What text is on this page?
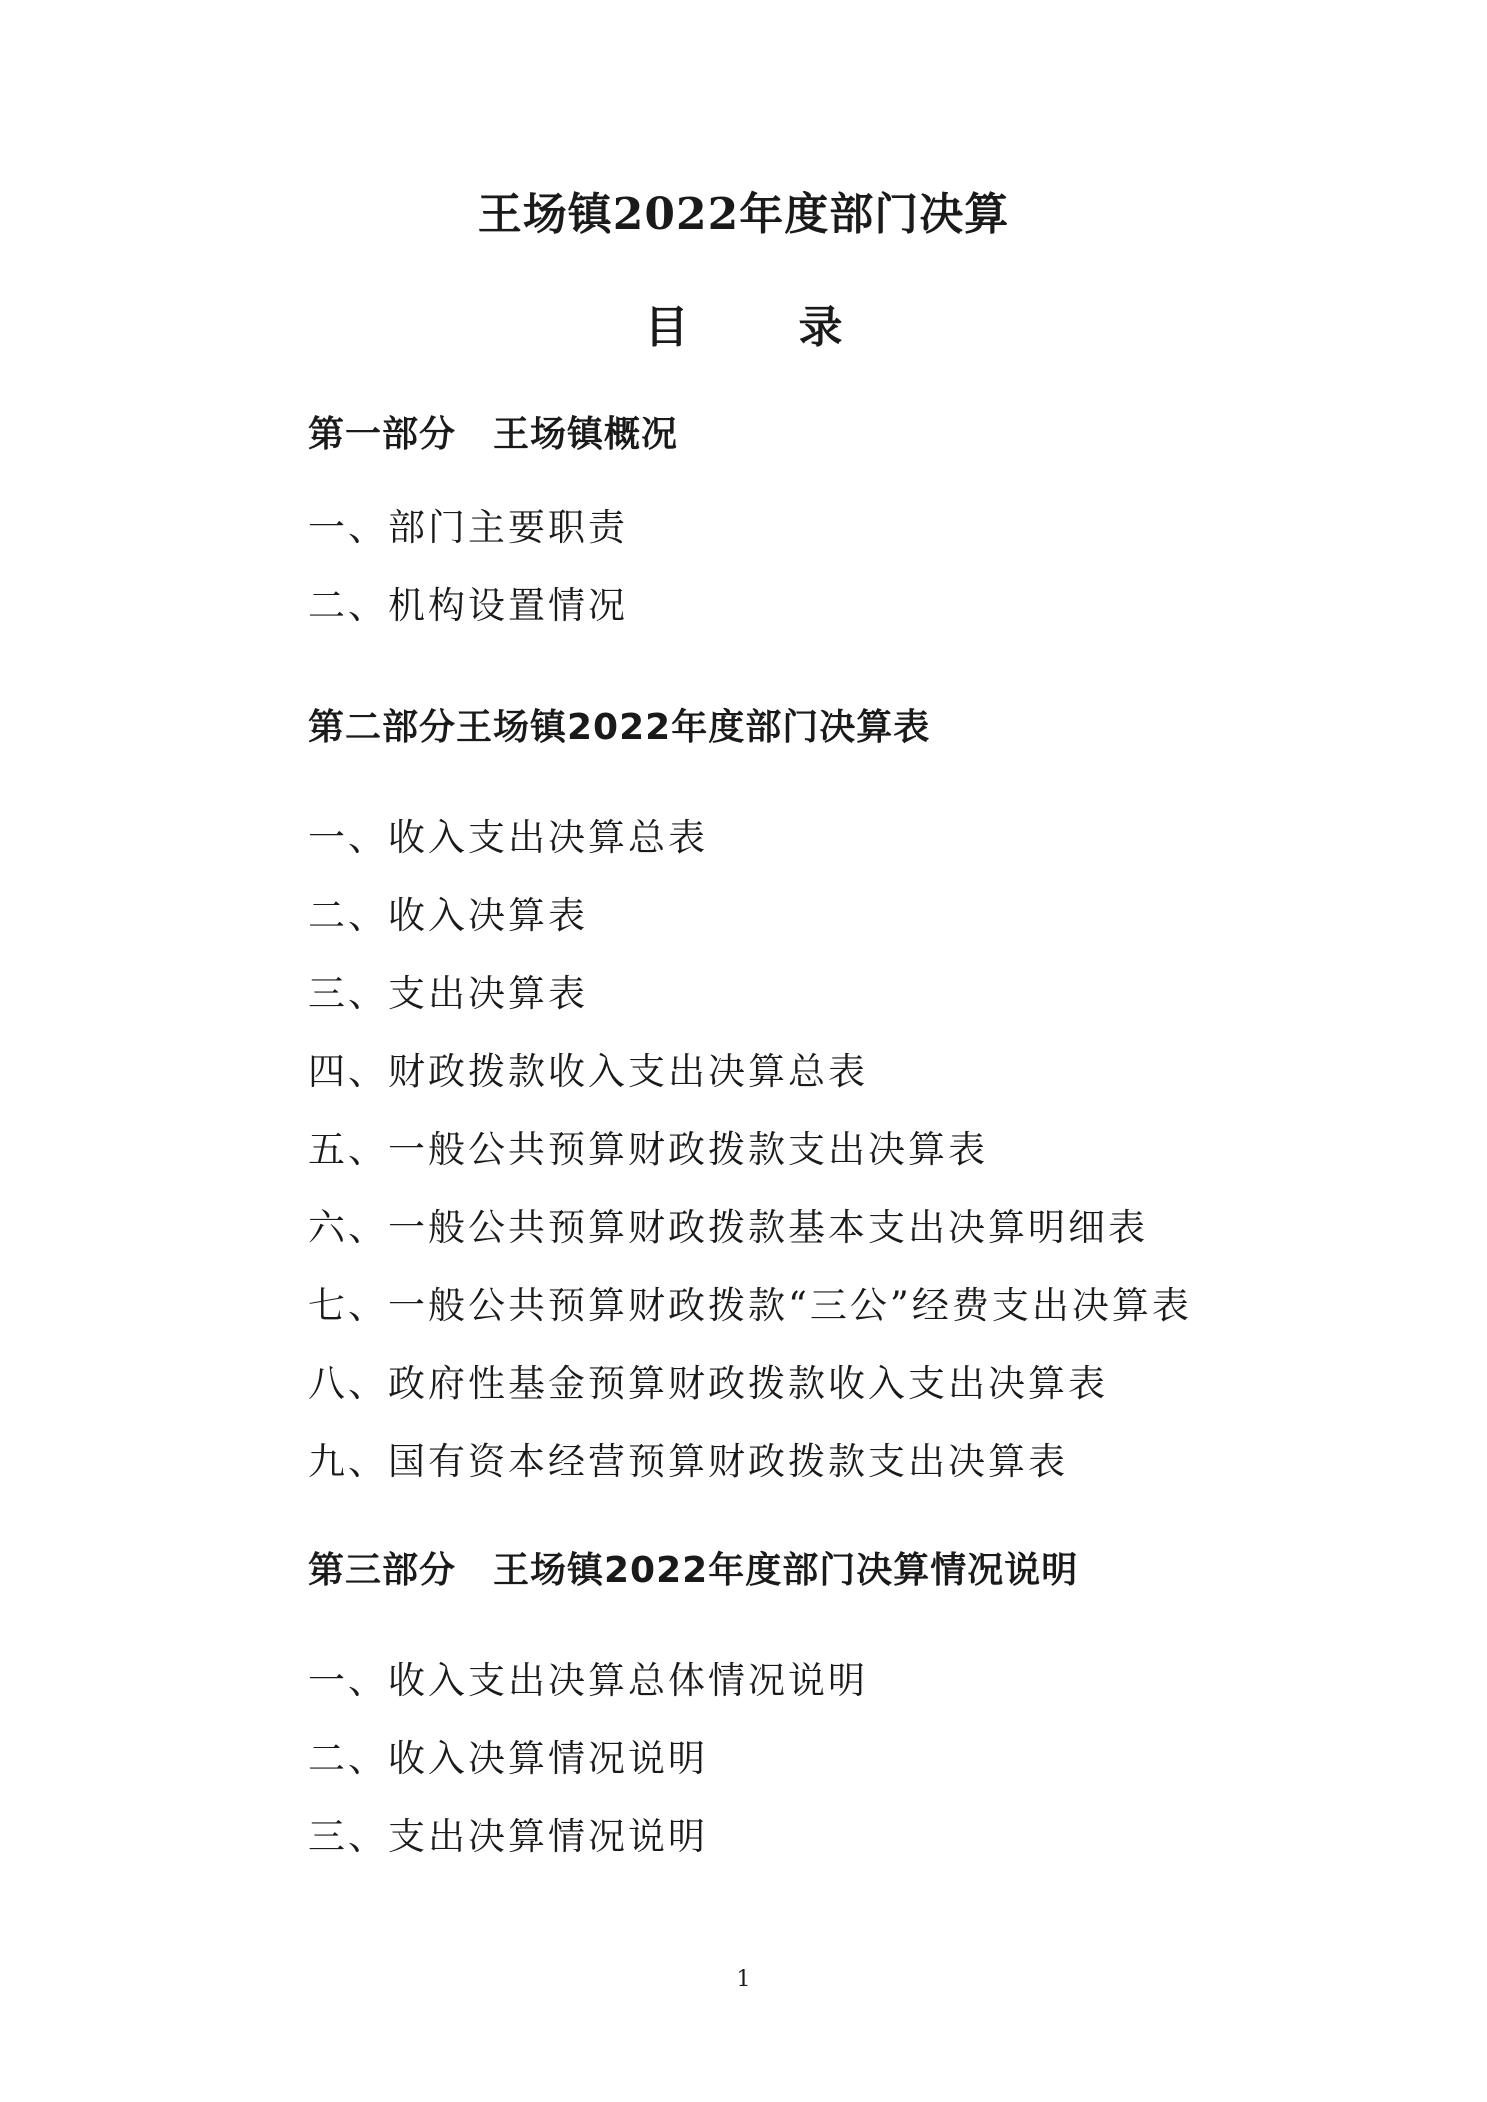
王场镇2022年度部门决算
目	录
第一部分　王场镇概况
一、部门主要职责
二、机构设置情况
第二部分王场镇2022年度部门决算表
一、收入支出决算总表
二、收入决算表
三、支出决算表
四、财政拨款收入支出决算总表
五、一般公共预算财政拨款支出决算表
六、一般公共预算财政拨款基本支出决算明细表
七、一般公共预算财政拨款“三公”经费支出决算表
八、政府性基金预算财政拨款收入支出决算表
九、国有资本经营预算财政拨款支出决算表
第三部分　王场镇2022年度部门决算情况说明
一、收入支出决算总体情况说明
二、收入决算情况说明
三、支出决算情况说明
1
